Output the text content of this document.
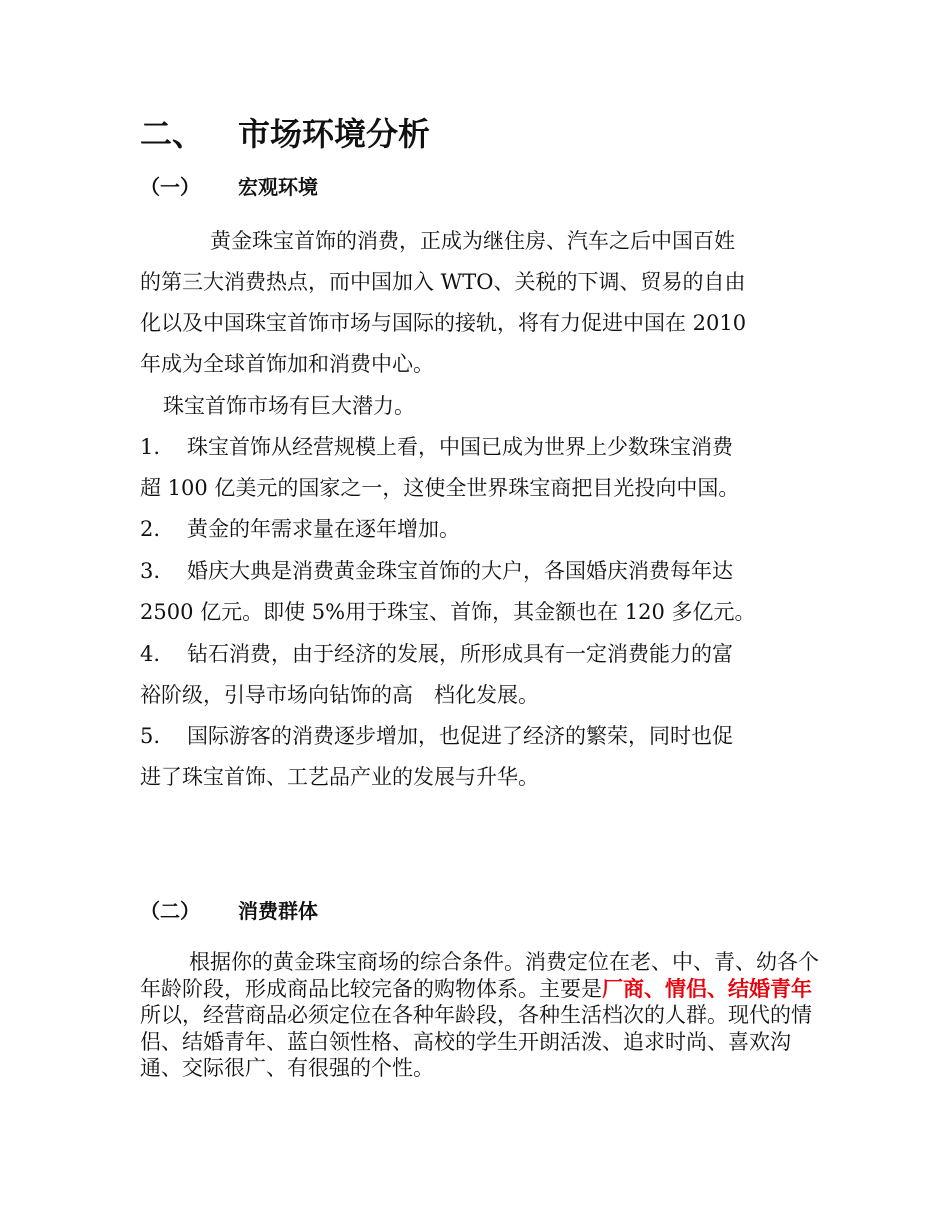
二、 市场环境分析
（一） 宏观环境
黄金珠宝首饰的消费，正成为继住房、汽车之后中国百姓
的第三大消费热点，而中国加入 WTO、关税的下调、贸易的自由
化以及中国珠宝首饰市场与国际的接轨，将有力促进中国在 2010
年成为全球首饰加和消费中心。
珠宝首饰市场有巨大潜力。
1. 珠宝首饰从经营规模上看，中国已成为世界上少数珠宝消费
超 100 亿美元的国家之一，这使全世界珠宝商把目光投向中国。
2. 黄金的年需求量在逐年增加。
3. 婚庆大典是消费黄金珠宝首饰的大户，各国婚庆消费每年达
2500 亿元。即使 5%用于珠宝、首饰，其金额也在 120 多亿元。
4. 钻石消费，由于经济的发展，所形成具有一定消费能力的富
裕阶级，引导市场向钻饰的高　档化发展。
5. 国际游客的消费逐步增加，也促进了经济的繁荣，同时也促
进了珠宝首饰、工艺品产业的发展与升华。
（二） 消费群体
根据你的黄金珠宝商场的综合条件。消费定位在老、中、青、幼各个年龄阶段，形成商品比较完备的购物体系。主要是厂商、情侣、结婚青年所以，经营商品必须定位在各种年龄段，各种生活档次的人群。现代的情侣、结婚青年、蓝白领性格、高校的学生开朗活泼、追求时尚、喜欢沟通、交际很广、有很强的个性。
